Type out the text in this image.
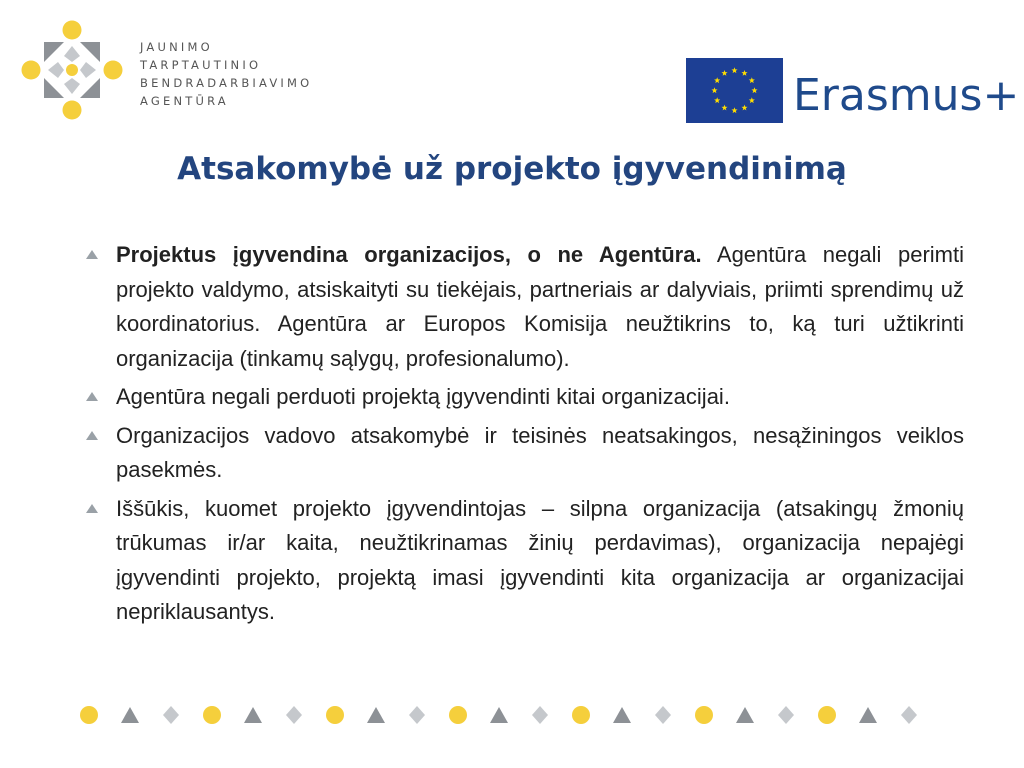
JAUNIMO
TARPTAUTINIO
BENDRADARBIAVIMO
AGENTŪRA	Erasmus+
Atsakomybė už projekto įgyvendinimą
Projektus įgyvendina organizacijos, o ne Agentūra. Agentūra negali perimti projekto valdymo, atsiskaityti su tiekėjais, partneriais ar dalyviais, priimti sprendimų už koordinatorius. Agentūra ar Europos Komisija neužtikrins to, ką turi užtikrinti organizacija (tinkamų sąlygų, profesionalumo).
Agentūra negali perduoti projektą įgyvendinti kitai organizacijai.
Organizacijos vadovo atsakomybė ir teisinės neatsakingos, nesąžiningos veiklos pasekmės.
Iššūkis, kuomet projekto įgyvendintojas – silpna organizacija (atsakingų žmonių trūkumas ir/ar kaita, neužtikrinamas žinių perdavimas), organizacija nepajėgi įgyvendinti projekto, projektą imasi įgyvendinti kita organizacija ar organizacijai nepriklausantys.
